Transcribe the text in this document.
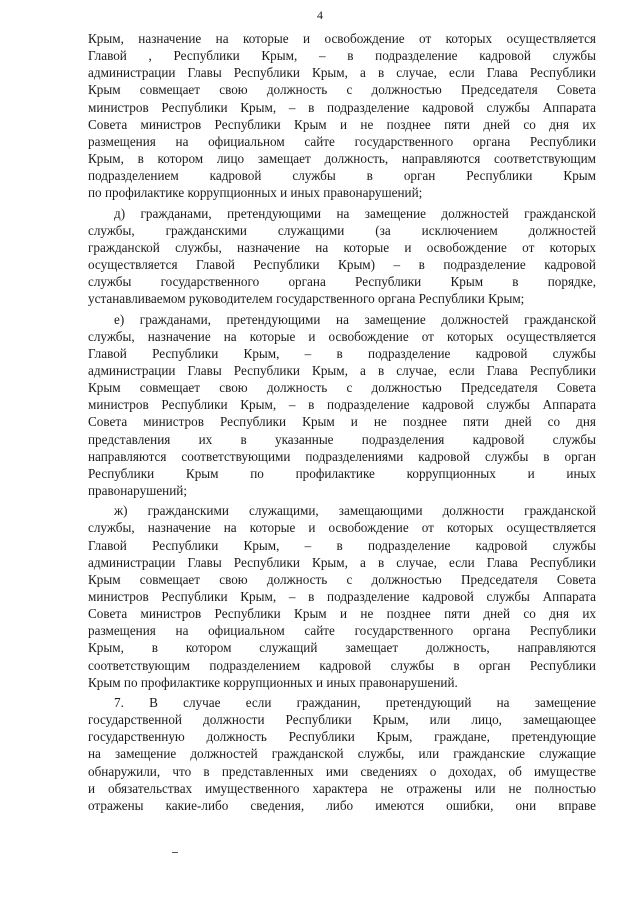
4
Крым, назначение на которые и освобождение от которых осуществляется
Главой , Республики Крым, – в подразделение кадровой службы
администрации Главы Республики Крым, а в случае, если Глава Республики
Крым совмещает свою должность с должностью Председателя Совета
министров Республики Крым, – в подразделение кадровой службы Аппарата
Совета министров Республики Крым и не позднее пяти дней со дня их
размещения на официальном сайте государственного органа Республики
Крым, в котором лицо замещает должность, направляются соответствующим
подразделением кадровой службы в орган Республики Крым
по профилактике коррупционных и иных правонарушений;
д) гражданами, претендующими на замещение должностей гражданской
службы, гражданскими служащими (за исключением должностей
гражданской службы, назначение на которые и освобождение от которых
осуществляется Главой Республики Крым) – в подразделение кадровой
службы государственного органа Республики Крым в порядке,
устанавливаемом руководителем государственного органа Республики Крым;
е) гражданами, претендующими на замещение должностей гражданской
службы, назначение на которые и освобождение от которых осуществляется
Главой Республики Крым, – в подразделение кадровой службы
администрации Главы Республики Крым, а в случае, если Глава Республики
Крым совмещает свою должность с должностью Председателя Совета
министров Республики Крым, – в подразделение кадровой службы Аппарата
Совета министров Республики Крым и не позднее пяти дней со дня
представления их в указанные подразделения кадровой службы
направляются соответствующими подразделениями кадровой службы в орган
Республики Крым по профилактике коррупционных и иных
правонарушений;
ж) гражданскими служащими, замещающими должности гражданской
службы, назначение на которые и освобождение от которых осуществляется
Главой Республики Крым, – в подразделение кадровой службы
администрации Главы Республики Крым, а в случае, если Глава Республики
Крым совмещает свою должность с должностью Председателя Совета
министров Республики Крым, – в подразделение кадровой службы Аппарата
Совета министров Республики Крым и не позднее пяти дней со дня их
размещения на официальном сайте государственного органа Республики
Крым, в котором служащий замещает должность, направляются
соответствующим подразделением кадровой службы в орган Республики
Крым по профилактике коррупционных и иных правонарушений.
7. В случае если гражданин, претендующий на замещение
государственной должности Республики Крым, или лицо, замещающее
государственную должность Республики Крым, граждане, претендующие
на замещение должностей гражданской службы, или гражданские служащие
обнаружили, что в представленных ими сведениях о доходах, об имуществе
и обязательствах имущественного характера не отражены или не полностью
отражены какие-либо сведения, либо имеются ошибки, они вправе
